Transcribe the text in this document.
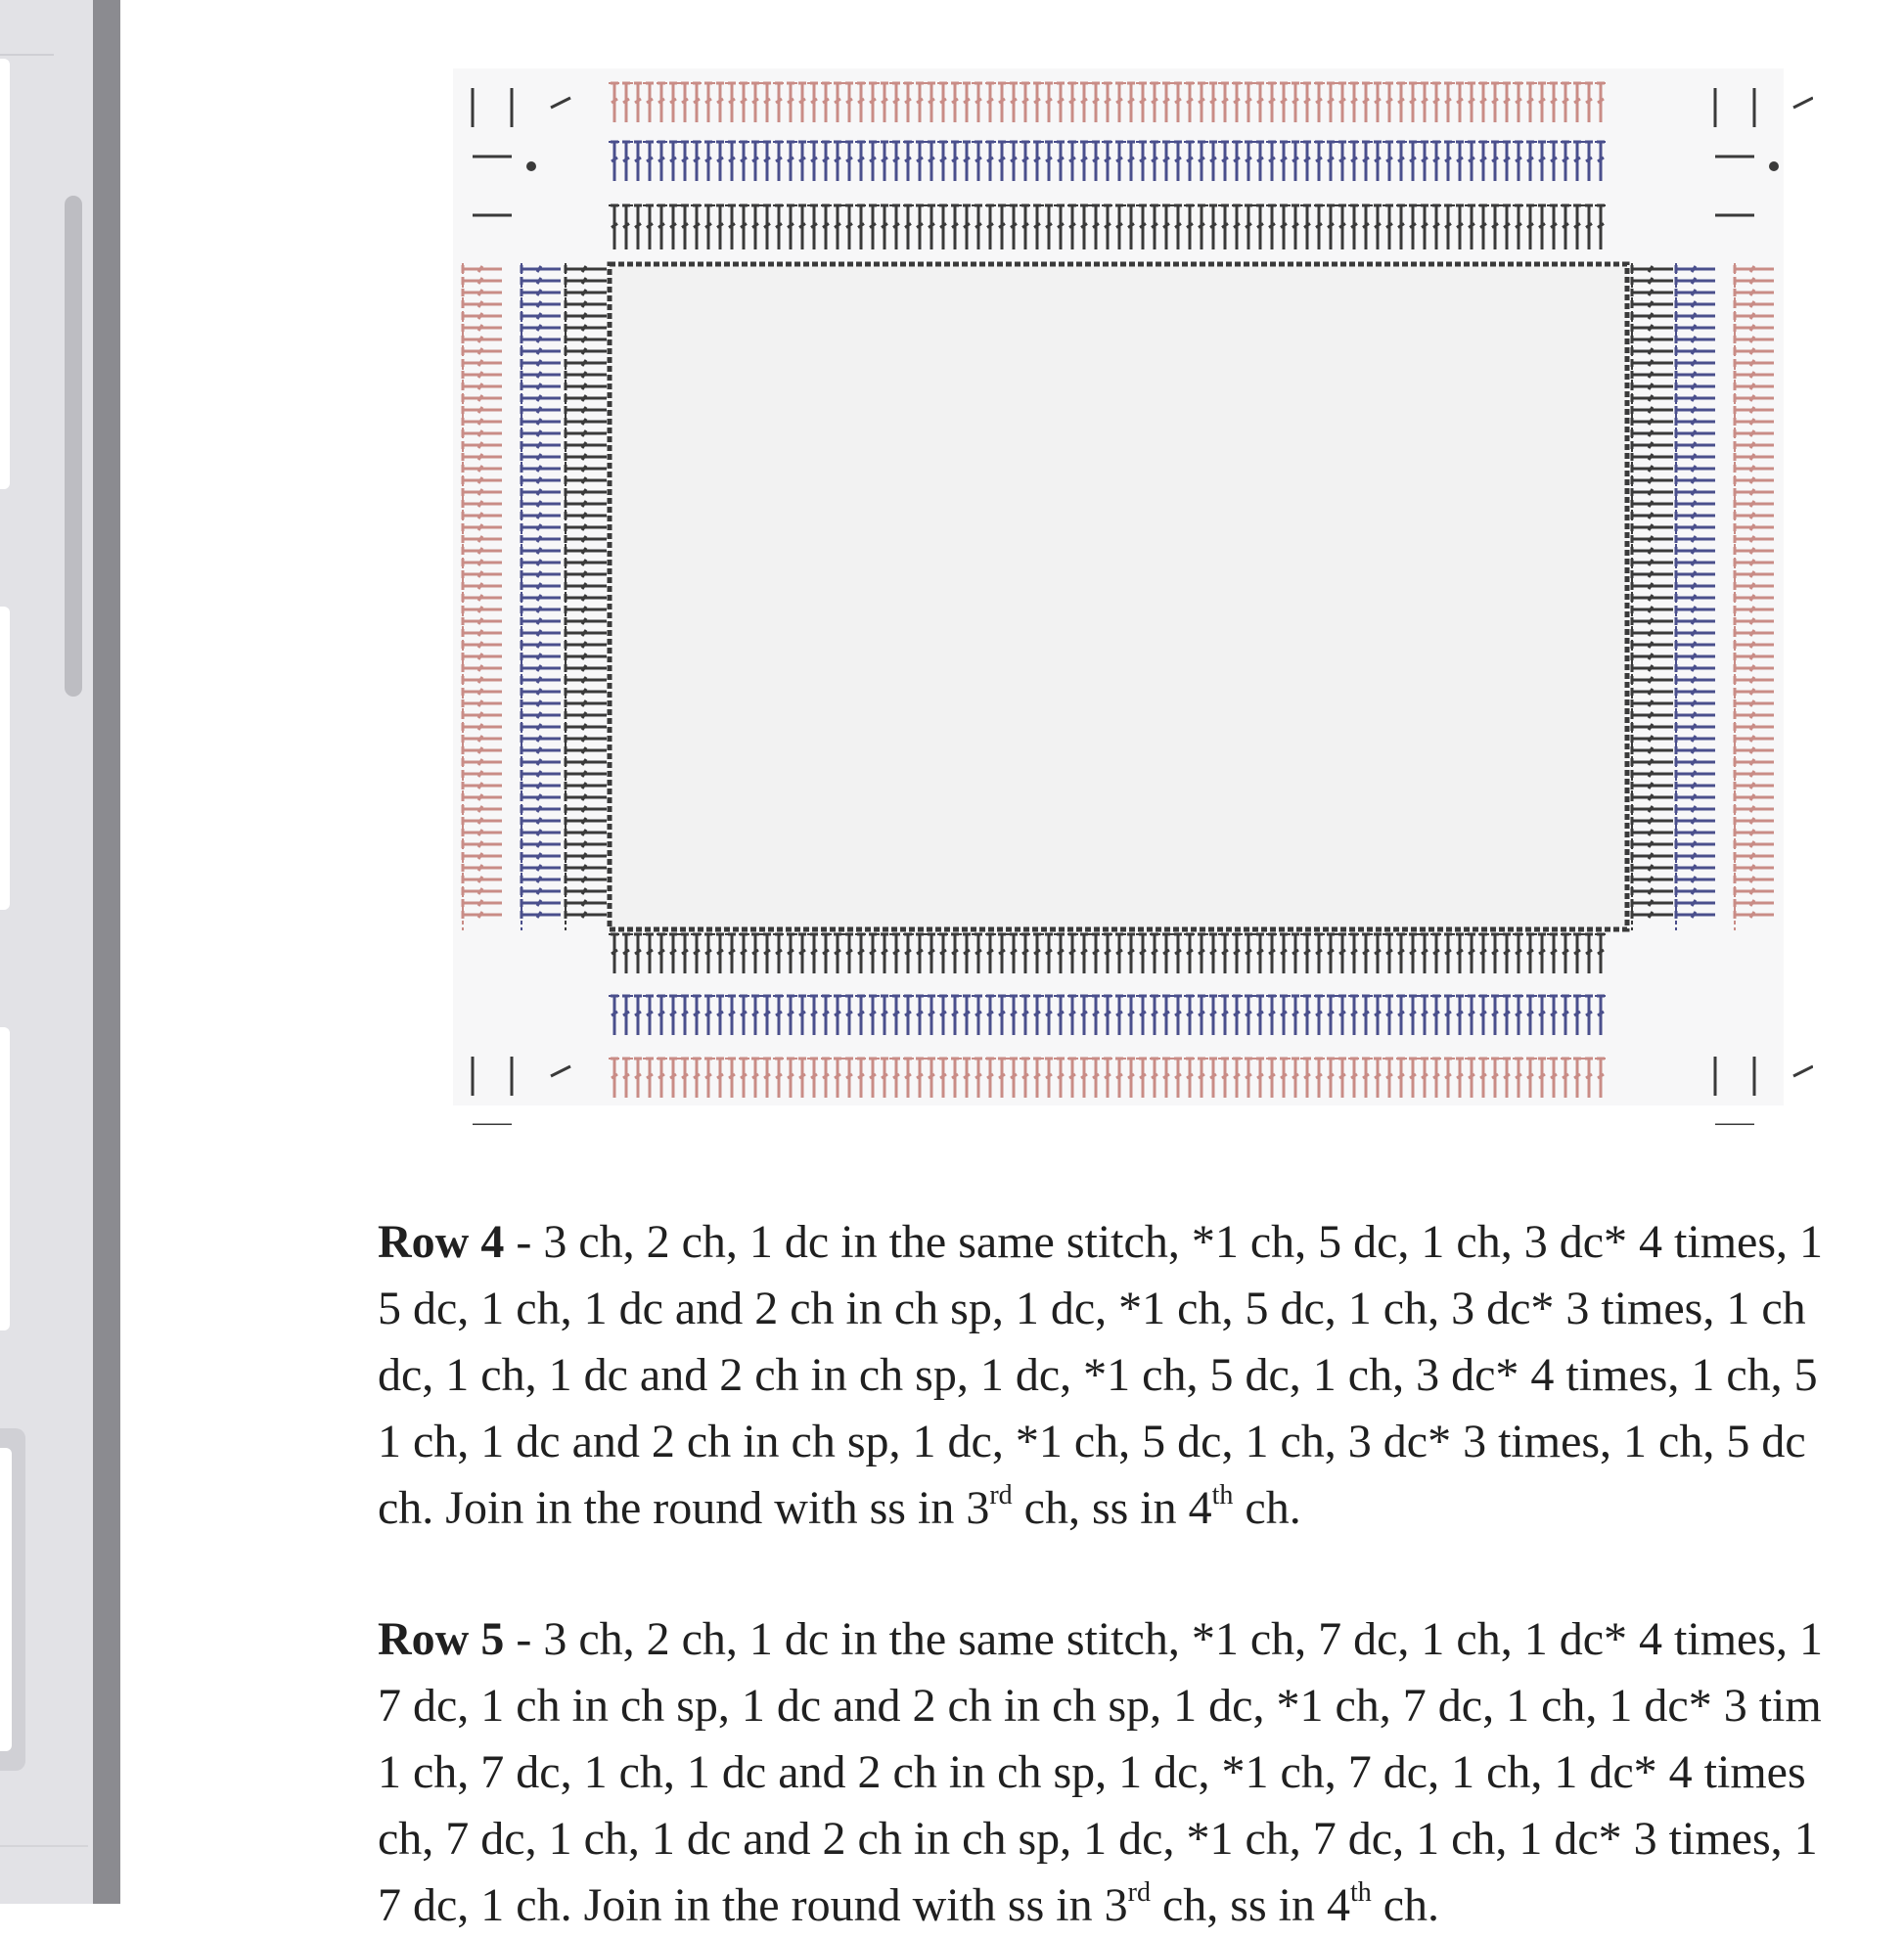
Row 4 - 3 ch, 2 ch, 1 dc in the same stitch, *1 ch, 5 dc, 1 ch, 3 dc* 4 times, 1
5 dc, 1 ch, 1 dc and 2 ch in ch sp, 1 dc, *1 ch, 5 dc, 1 ch, 3 dc* 3 times, 1 ch
dc, 1 ch, 1 dc and 2 ch in ch sp, 1 dc, *1 ch, 5 dc, 1 ch, 3 dc* 4 times, 1 ch, 5
1 ch, 1 dc and 2 ch in ch sp, 1 dc, *1 ch, 5 dc, 1 ch, 3 dc* 3 times, 1 ch, 5 dc
ch. Join in the round with ss in 3rd ch, ss in 4th ch.

Row 5 - 3 ch, 2 ch, 1 dc in the same stitch, *1 ch, 7 dc, 1 ch, 1 dc* 4 times, 1
7 dc, 1 ch in ch sp, 1 dc and 2 ch in ch sp, 1 dc, *1 ch, 7 dc, 1 ch, 1 dc* 3 tim
1 ch, 7 dc, 1 ch, 1 dc and 2 ch in ch sp, 1 dc, *1 ch, 7 dc, 1 ch, 1 dc* 4 times
ch, 7 dc, 1 ch, 1 dc and 2 ch in ch sp, 1 dc, *1 ch, 7 dc, 1 ch, 1 dc* 3 times, 1
7 dc, 1 ch. Join in the round with ss in 3rd ch, ss in 4th ch.
